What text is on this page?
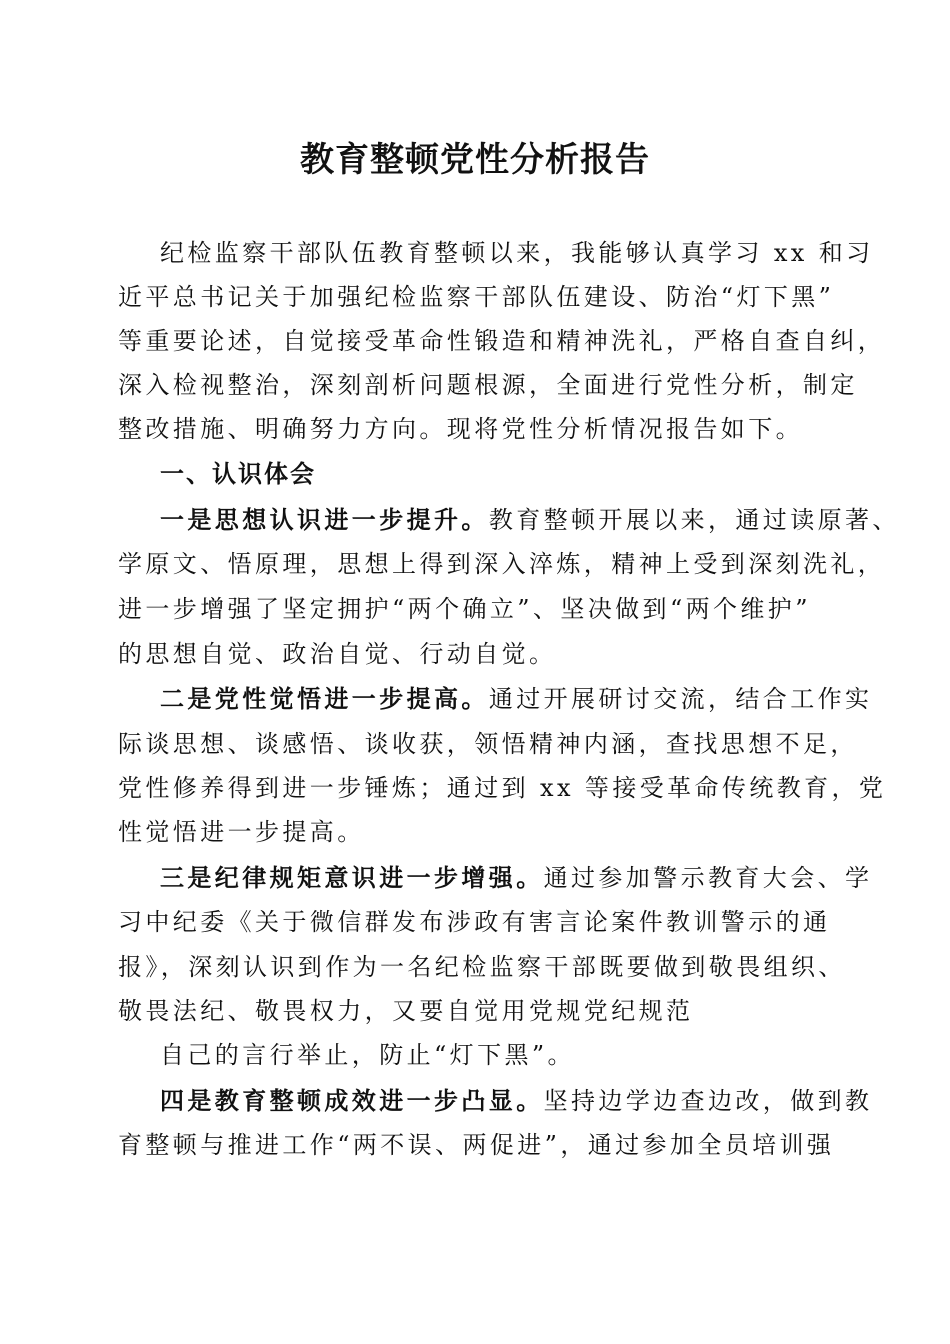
教育整顿党性分析报告
纪检监察干部队伍教育整顿以来，我能够认真学习 xx 和习
近平总书记关于加强纪检监察干部队伍建设、防治“灯下黑”
等重要论述，自觉接受革命性锻造和精神洗礼，严格自查自纠，
深入检视整治，深刻剖析问题根源，全面进行党性分析，制定
整改措施、明确努力方向。现将党性分析情况报告如下。
一、认识体会
一是思想认识进一步提升。教育整顿开展以来，通过读原著、
学原文、悟原理，思想上得到深入淬炼，精神上受到深刻洗礼，
进一步增强了坚定拥护“两个确立”、坚决做到“两个维护”
的思想自觉、政治自觉、行动自觉。
二是党性觉悟进一步提高。通过开展研讨交流，结合工作实
际谈思想、谈感悟、谈收获，领悟精神内涵，查找思想不足，
党性修养得到进一步锤炼；通过到 xx 等接受革命传统教育，党
性觉悟进一步提高。
三是纪律规矩意识进一步增强。通过参加警示教育大会、学
习中纪委《关于微信群发布涉政有害言论案件教训警示的通
报》，深刻认识到作为一名纪检监察干部既要做到敬畏组织、
敬畏法纪、敬畏权力，又要自觉用党规党纪规范
自己的言行举止，防止“灯下黑”。
四是教育整顿成效进一步凸显。坚持边学边查边改，做到教
育整顿与推进工作“两不误、两促进”，通过参加全员培训强
